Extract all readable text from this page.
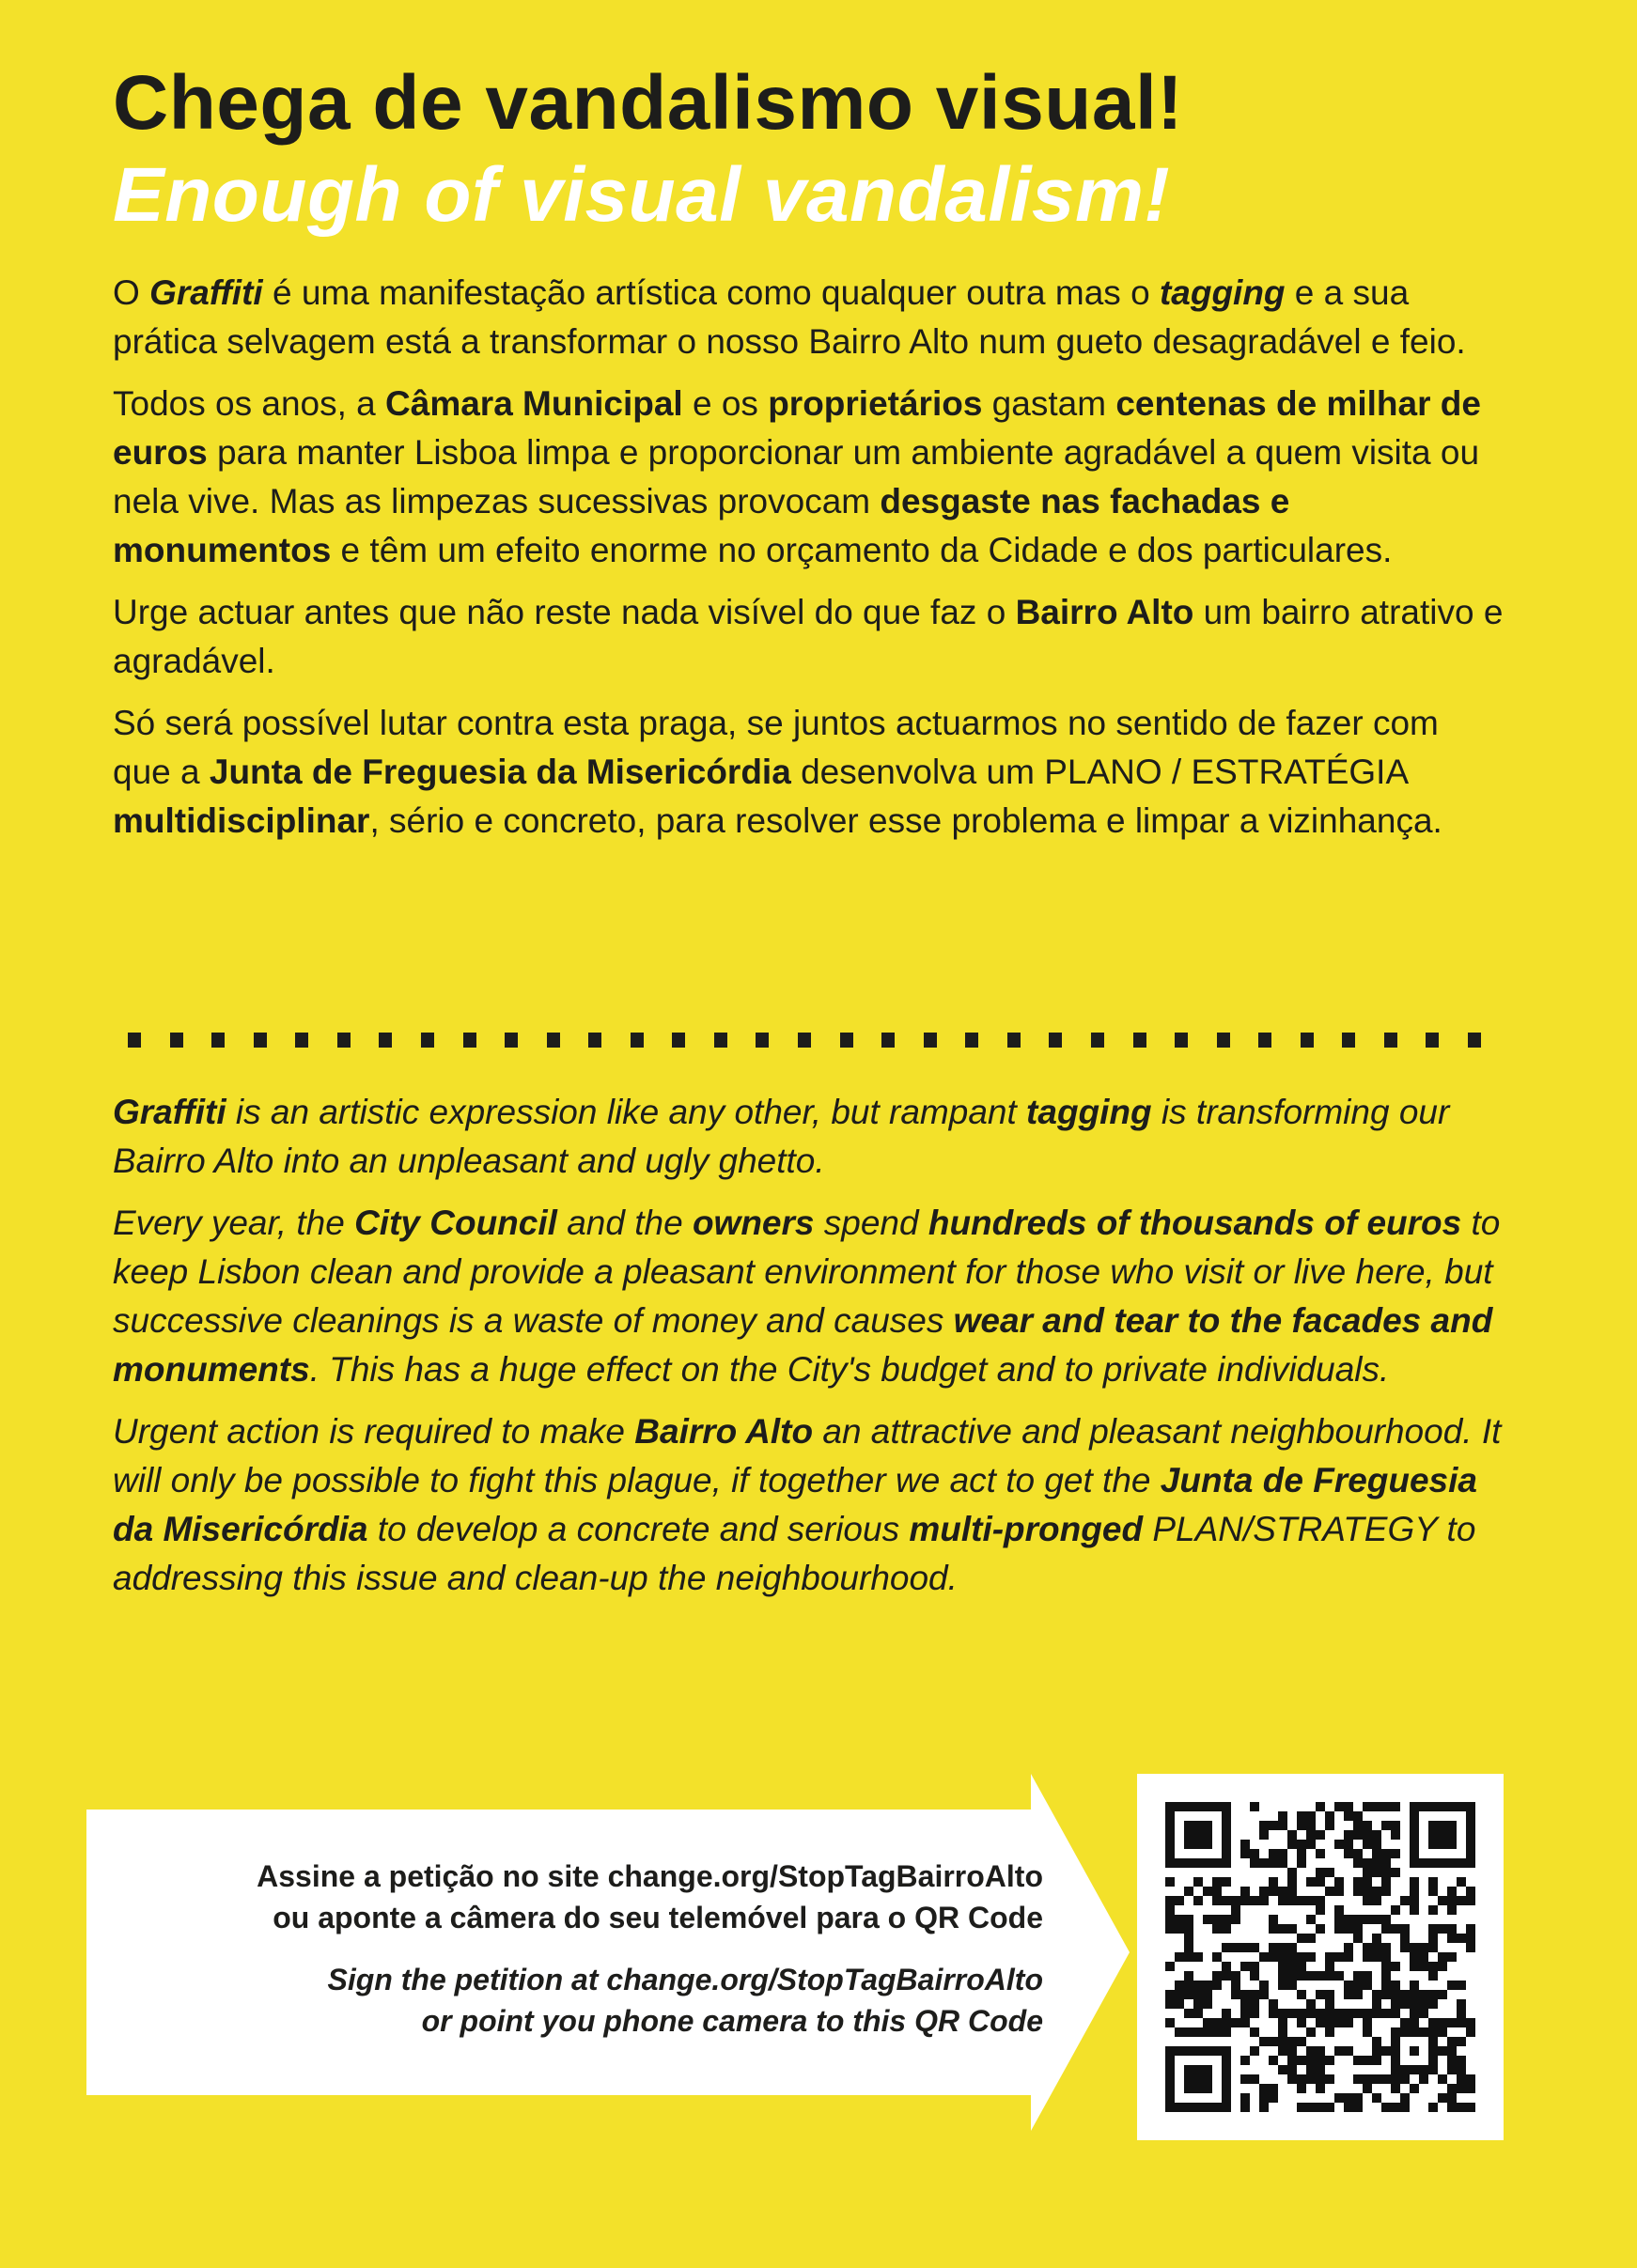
Chega de vandalismo visual!
Enough of visual vandalism!

O Graffiti é uma manifestação artística como qualquer outra mas o tagging e a sua prática selvagem está a transformar o nosso Bairro Alto num gueto desagradável e feio.

Todos os anos, a Câmara Municipal e os proprietários gastam centenas de milhar de euros para manter Lisboa limpa e proporcionar um ambiente agradável a quem visita ou nela vive. Mas as limpezas sucessivas provocam desgaste nas fachadas e monumentos e têm um efeito enorme no orçamento da Cidade e dos particulares.

Urge actuar antes que não reste nada visível do que faz o Bairro Alto um bairro atrativo e agradável.

Só será possível lutar contra esta praga, se juntos actuarmos no sentido de fazer com que a Junta de Freguesia da Misericórdia desenvolva um PLANO / ESTRATÉGIA multidisciplinar, sério e concreto, para resolver esse problema e limpar a vizinhança.

Graffiti is an artistic expression like any other, but rampant tagging is transforming our Bairro Alto into an unpleasant and ugly ghetto.

Every year, the City Council and the owners spend hundreds of thousands of euros to keep Lisbon clean and provide a pleasant environment for those who visit or live here, but successive cleanings is a waste of money and causes wear and tear to the facades and monuments. This has a huge effect on the City's budget and to private individuals.

Urgent action is required to make Bairro Alto an attractive and pleasant neighbourhood. It will only be possible to fight this plague, if together we act to get the Junta de Freguesia da Misericórdia to develop a concrete and serious multi-pronged PLAN/STRATEGY to addressing this issue and clean-up the neighbourhood.

Assine a petição no site change.org/StopTagBairroAlto
ou aponte a câmera do seu telemóvel para o QR Code
Sign the petition at change.org/StopTagBairroAlto
or point you phone camera to this QR Code
